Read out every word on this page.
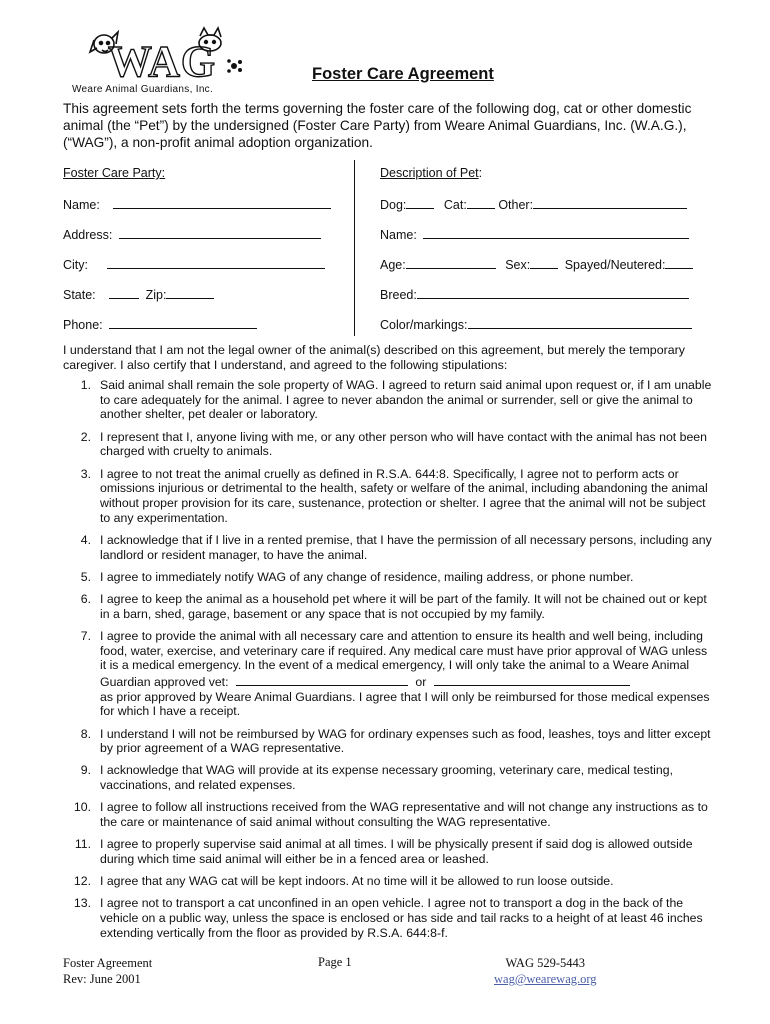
WAG
Weare Animal Guardians, Inc.
Foster Care Agreement
This agreement sets forth the terms governing the foster care of the following dog, cat or other domestic animal (the “Pet”) by the undersigned (Foster Care Party) from Weare Animal Guardians, Inc. (W.A.G.), (“WAG”), a non-profit animal adoption organization.
Foster Care Party:
Name:
Address:
City:
State:	Zip:
Phone:
Description of Pet:
Dog:	Cat:	Other:
Name:
Age:	Sex:	Spayed/Neutered:
Breed:
Color/markings:
I understand that I am not the legal owner of the animal(s) described on this agreement, but merely the temporary caregiver. I also certify that I understand, and agreed to the following stipulations:
1. Said animal shall remain the sole property of WAG. I agreed to return said animal upon request or, if I am unable to care adequately for the animal. I agree to never abandon the animal or surrender, sell or give the animal to another shelter, pet dealer or laboratory.
2. I represent that I, anyone living with me, or any other person who will have contact with the animal has not been charged with cruelty to animals.
3. I agree to not treat the animal cruelly as defined in R.S.A. 644:8. Specifically, I agree not to perform acts or omissions injurious or detrimental to the health, safety or welfare of the animal, including abandoning the animal without proper provision for its care, sustenance, protection or shelter. I agree that the animal will not be subject to any experimentation.
4. I acknowledge that if I live in a rented premise, that I have the permission of all necessary persons, including any landlord or resident manager, to have the animal.
5. I agree to immediately notify WAG of any change of residence, mailing address, or phone number.
6. I agree to keep the animal as a household pet where it will be part of the family. It will not be chained out or kept in a barn, shed, garage, basement or any space that is not occupied by my family.
7. I agree to provide the animal with all necessary care and attention to ensure its health and well being, including food, water, exercise, and veterinary care if required. Any medical care must have prior approval of WAG unless it is a medical emergency. In the event of a medical emergency, I will only take the animal to a Weare Animal Guardian approved vet:	or
as prior approved by Weare Animal Guardians. I agree that I will only be reimbursed for those medical expenses for which I have a receipt.
8. I understand I will not be reimbursed by WAG for ordinary expenses such as food, leashes, toys and litter except by prior agreement of a WAG representative.
9. I acknowledge that WAG will provide at its expense necessary grooming, veterinary care, medical testing, vaccinations, and related expenses.
10. I agree to follow all instructions received from the WAG representative and will not change any instructions as to the care or maintenance of said animal without consulting the WAG representative.
11. I agree to properly supervise said animal at all times. I will be physically present if said dog is allowed outside during which time said animal will either be in a fenced area or leashed.
12. I agree that any WAG cat will be kept indoors. At no time will it be allowed to run loose outside.
13. I agree not to transport a cat unconfined in an open vehicle. I agree not to transport a dog in the back of the vehicle on a public way, unless the space is enclosed or has side and tail racks to a height of at least 46 inches extending vertically from the floor as provided by R.S.A. 644:8-f.
Foster Agreement
Rev: June 2001
Page 1	WAG 529-5443
wag@wearewag.org
